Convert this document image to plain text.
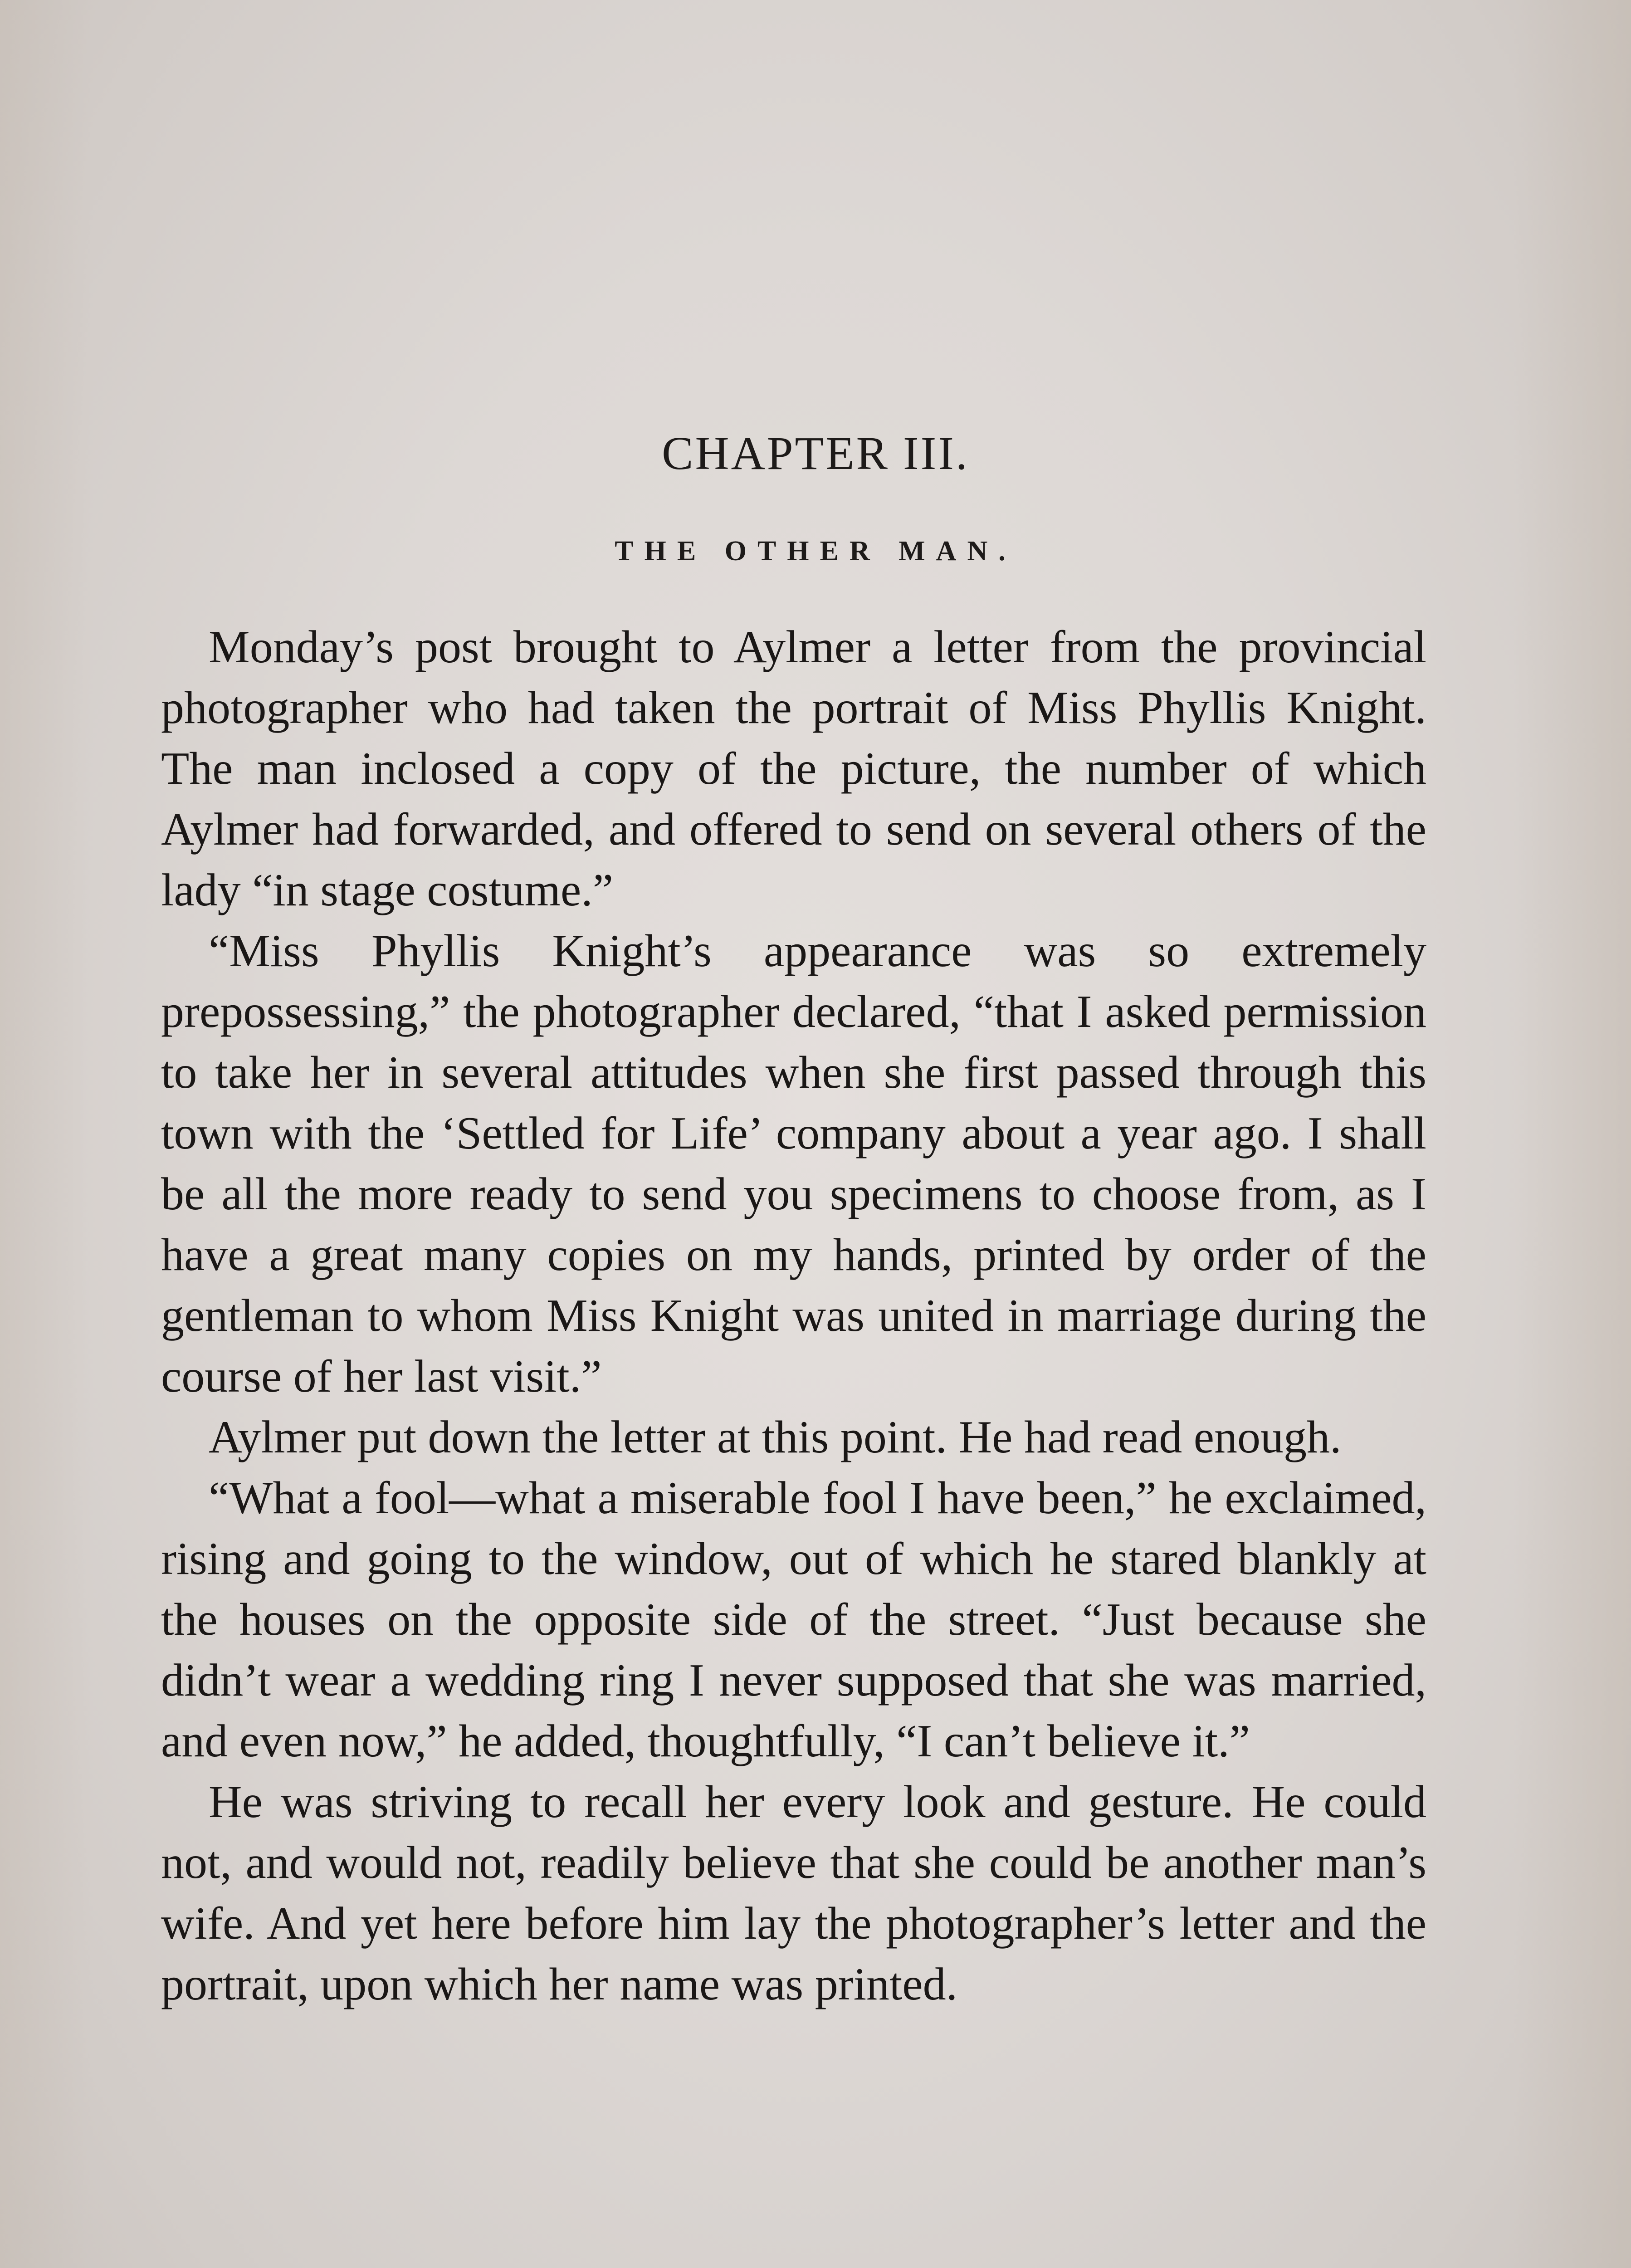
CHAPTER III.
THE OTHER MAN.

Monday’s post brought to Aylmer a letter from the provincial photographer who had taken the portrait of Miss Phyllis Knight. The man inclosed a copy of the picture, the number of which Aylmer had forwarded, and offered to send on several others of the lady “in stage costume.”

“Miss Phyllis Knight’s appearance was so extremely prepossessing,” the photographer declared, “that I asked permission to take her in several attitudes when she first passed through this town with the ‘Settled for Life’ company about a year ago. I shall be all the more ready to send you specimens to choose from, as I have a great many copies on my hands, printed by order of the gentleman to whom Miss Knight was united in marriage during the course of her last visit.”

Aylmer put down the letter at this point. He had read enough.

“What a fool—what a miserable fool I have been,” he exclaimed, rising and going to the window, out of which he stared blankly at the houses on the opposite side of the street. “Just because she didn’t wear a wedding ring I never supposed that she was married, and even now,” he added, thoughtfully, “I can’t believe it.”

He was striving to recall her every look and gesture. He could not, and would not, readily believe that she could be another man’s wife. And yet here before him lay the photographer’s letter and the portrait, upon which her name was printed.
